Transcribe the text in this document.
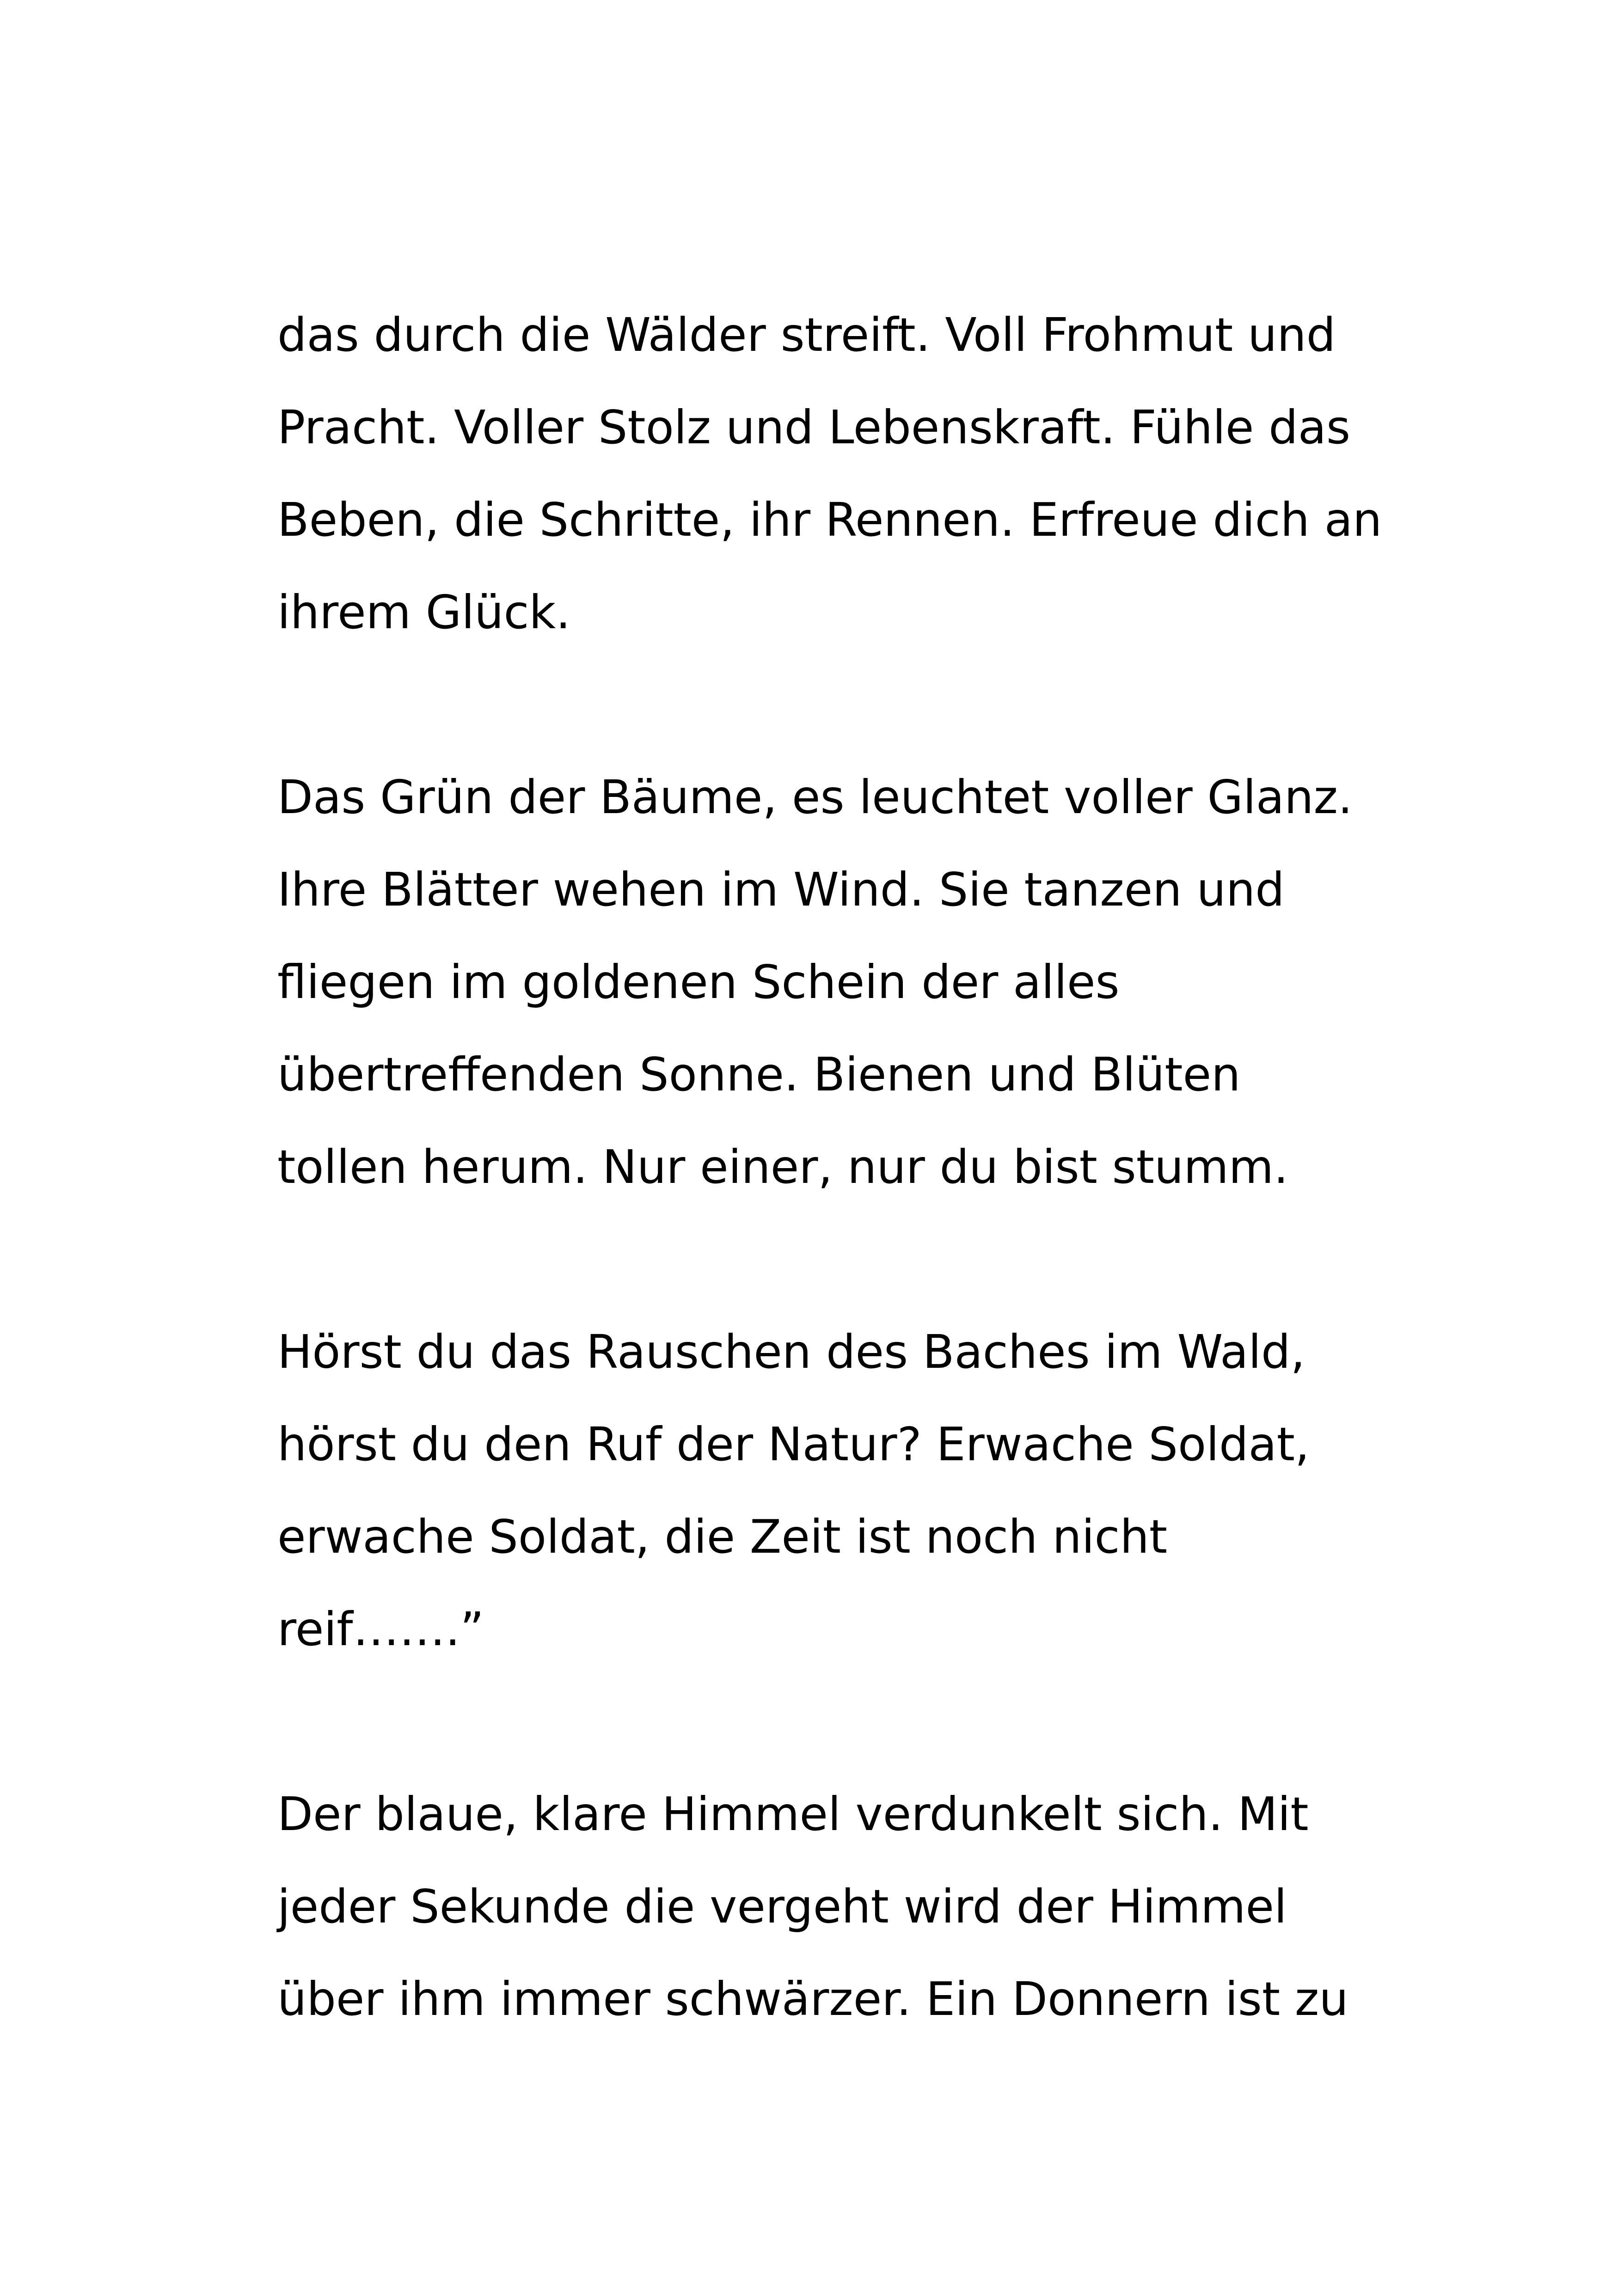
das durch die Wälder streift. Voll Frohmut und
Pracht. Voller Stolz und Lebenskraft. Fühle das
Beben, die Schritte, ihr Rennen. Erfreue dich an
ihrem Glück.
Das Grün der Bäume, es leuchtet voller Glanz.
Ihre Blätter wehen im Wind. Sie tanzen und
fliegen im goldenen Schein der alles
übertreffenden Sonne. Bienen und Blüten
tollen herum. Nur einer, nur du bist stumm.
Hörst du das Rauschen des Baches im Wald,
hörst du den Ruf der Natur? Erwache Soldat,
erwache Soldat, die Zeit ist noch nicht
reif…….”
Der blaue, klare Himmel verdunkelt sich. Mit
jeder Sekunde die vergeht wird der Himmel
über ihm immer schwärzer. Ein Donnern ist zu
